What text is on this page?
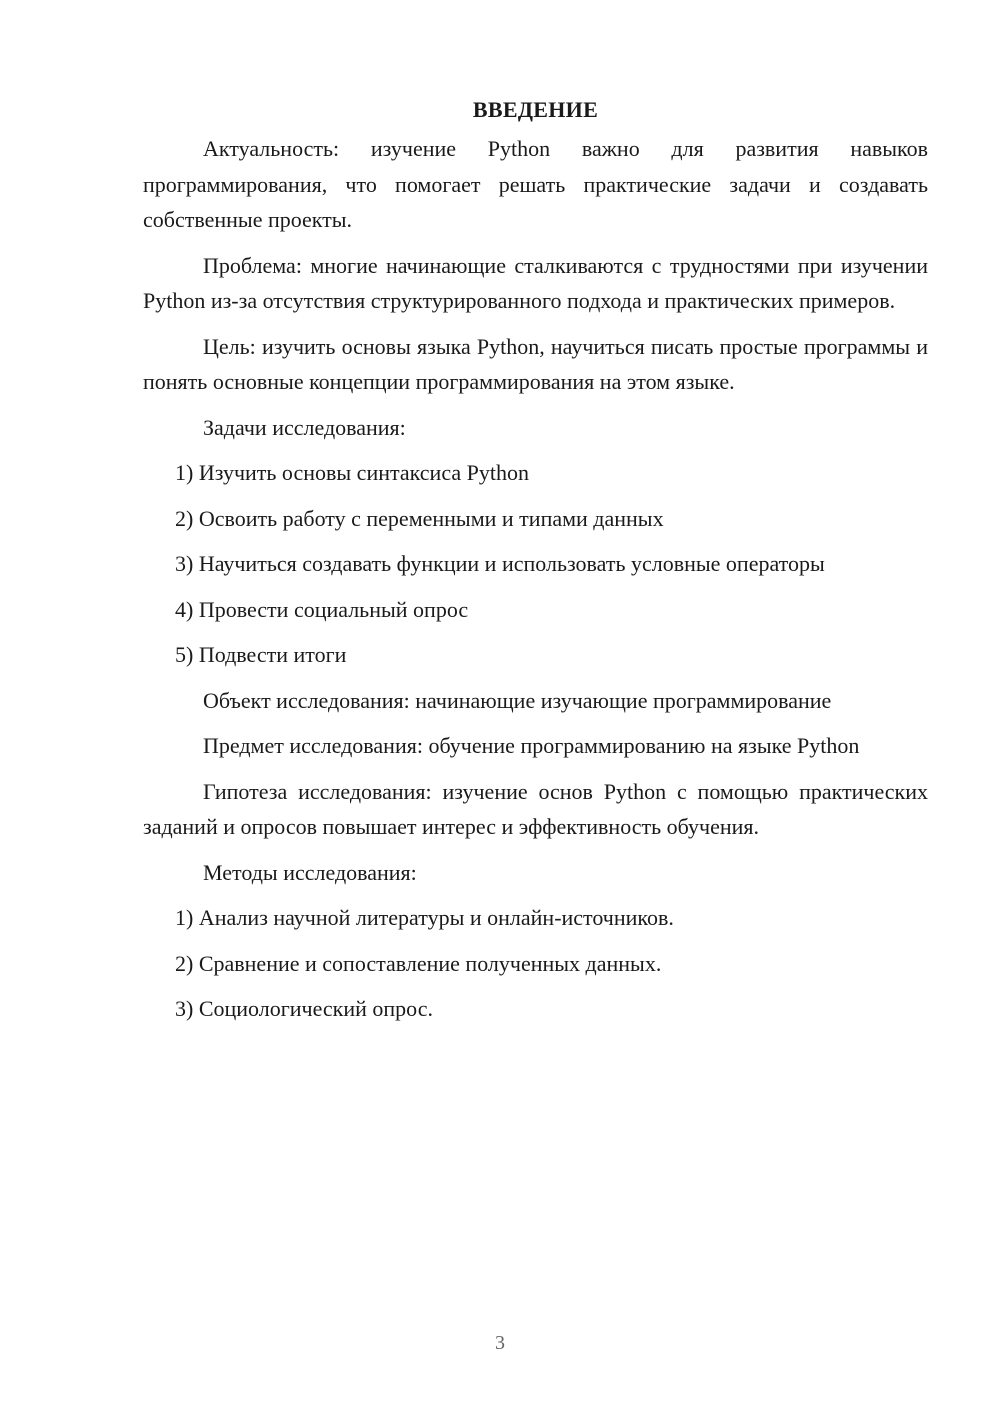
ВВЕДЕНИЕ

Актуальность: изучение Python важно для развития навыков программирования, что помогает решать практические задачи и создавать собственные проекты.

Проблема: многие начинающие сталкиваются с трудностями при изучении Python из-за отсутствия структурированного подхода и практических примеров.

Цель: изучить основы языка Python, научиться писать простые программы и понять основные концепции программирования на этом языке.

Задачи исследования:

1) Изучить основы синтаксиса Python
2) Освоить работу с переменными и типами данных
3) Научиться создавать функции и использовать условные операторы
4) Провести социальный опрос
5) Подвести итоги

Объект исследования: начинающие изучающие программирование

Предмет исследования: обучение программированию на языке Python

Гипотеза исследования: изучение основ Python с помощью практических заданий и опросов повышает интерес и эффективность обучения.

Методы исследования:

1) Анализ научной литературы и онлайн-источников.
2) Сравнение и сопоставление полученных данных.
3) Социологический опрос.
3
